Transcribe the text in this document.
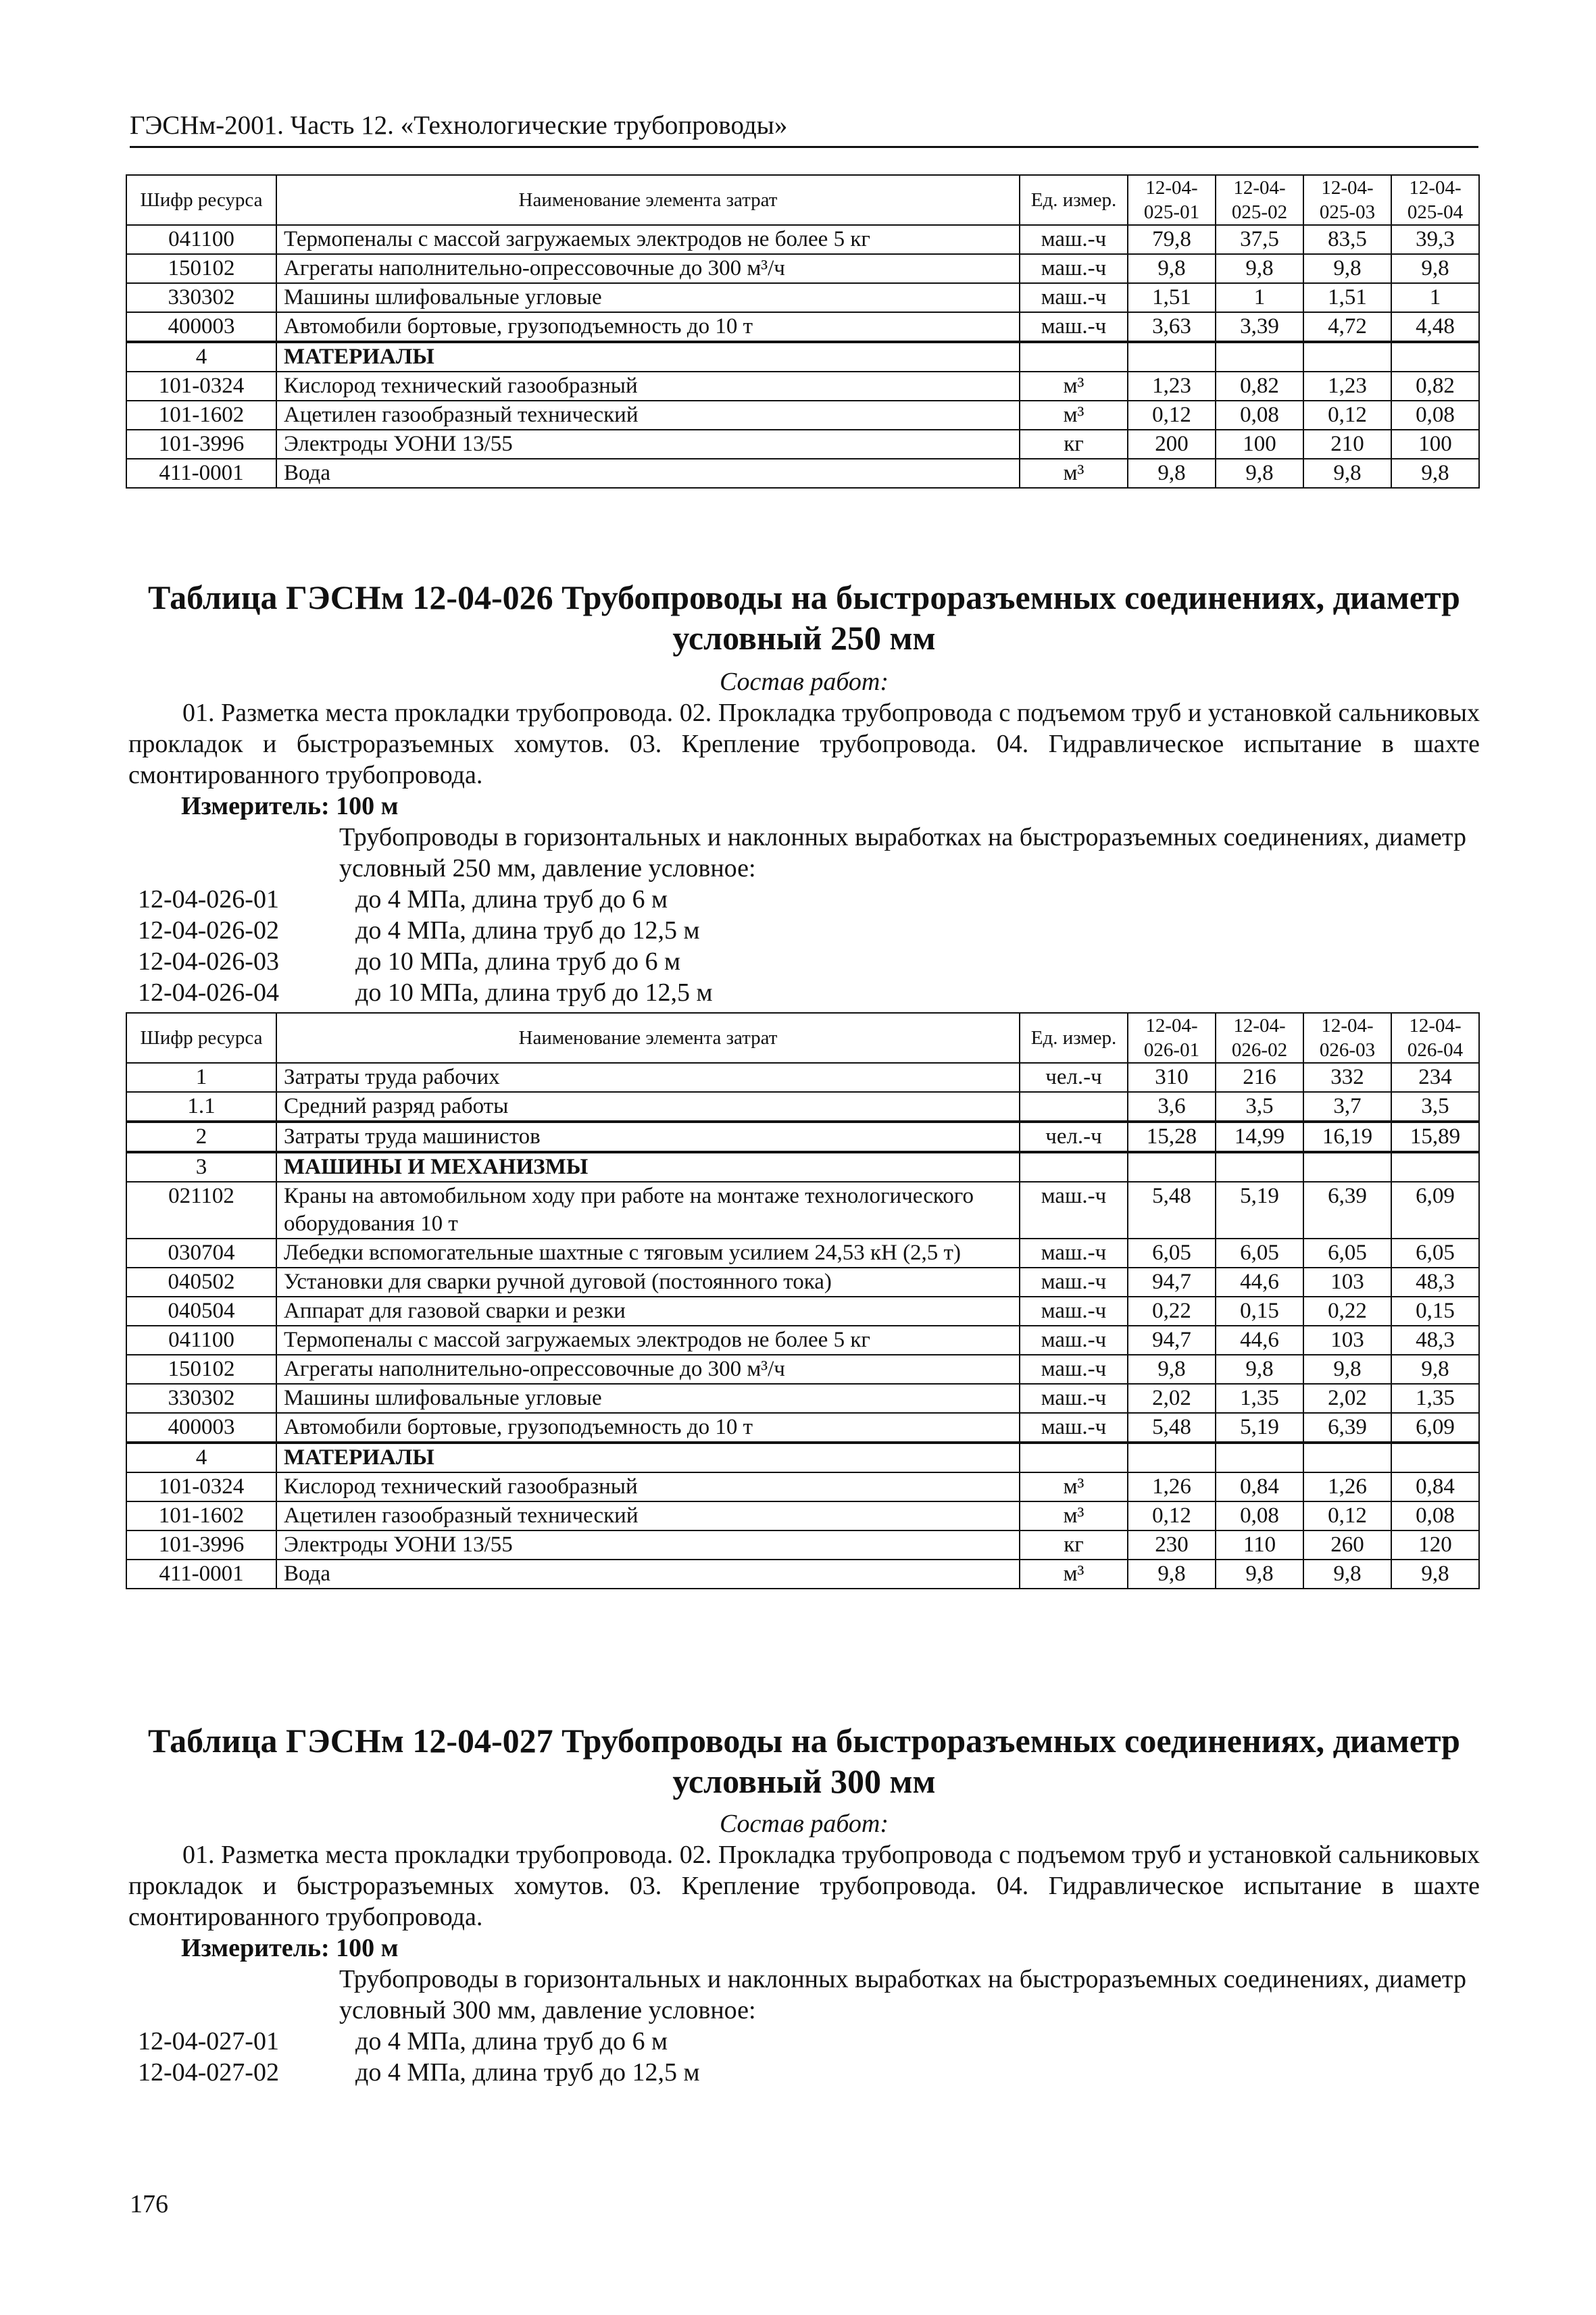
ГЭСНм-2001. Часть 12. «Технологические трубопроводы»
Шифр ресурса	Наименование элемента затрат	Ед. измер.	12-04-025-01	12-04-025-02	12-04-025-03	12-04-025-04
041100	Термопеналы с массой загружаемых электродов не более 5 кг	маш.-ч	79,8	37,5	83,5	39,3
150102	Агрегаты наполнительно-опрессовочные до 300 м³/ч	маш.-ч	9,8	9,8	9,8	9,8
330302	Машины шлифовальные угловые	маш.-ч	1,51	1	1,51	1
400003	Автомобили бортовые, грузоподъемность до 10 т	маш.-ч	3,63	3,39	4,72	4,48
4	МАТЕРИАЛЫ					
101-0324	Кислород технический газообразный	м³	1,23	0,82	1,23	0,82
101-1602	Ацетилен газообразный технический	м³	0,12	0,08	0,12	0,08
101-3996	Электроды УОНИ 13/55	кг	200	100	210	100
411-0001	Вода	м³	9,8	9,8	9,8	9,8
Таблица ГЭСНм 12-04-026 Трубопроводы на быстроразъемных соединениях, диаметр
условный 250 мм
Состав работ:
01. Разметка места прокладки трубопровода. 02. Прокладка трубопровода с подъемом труб и установкой сальниковых прокладок и быстроразъемных хомутов. 03. Крепление трубопровода. 04. Гидравлическое испытание в шахте смонтированного трубопровода.
Измеритель: 100 м
Трубопроводы в горизонтальных и наклонных выработках на быстроразъемных соединениях, диаметр условный 250 мм, давление условное:
12-04-026-01	до 4 МПа, длина труб до 6 м
12-04-026-02	до 4 МПа, длина труб до 12,5 м
12-04-026-03	до 10 МПа, длина труб до 6 м
12-04-026-04	до 10 МПа, длина труб до 12,5 м
Шифр ресурса	Наименование элемента затрат	Ед. измер.	12-04-026-01	12-04-026-02	12-04-026-03	12-04-026-04
1	Затраты труда рабочих	чел.-ч	310	216	332	234
1.1	Средний разряд работы		3,6	3,5	3,7	3,5
2	Затраты труда машинистов	чел.-ч	15,28	14,99	16,19	15,89
3	МАШИНЫ И МЕХАНИЗМЫ					
021102	Краны на автомобильном ходу при работе на монтаже технологического оборудования 10 т	маш.-ч	5,48	5,19	6,39	6,09
030704	Лебедки вспомогательные шахтные с тяговым усилием 24,53 кН (2,5 т)	маш.-ч	6,05	6,05	6,05	6,05
040502	Установки для сварки ручной дуговой (постоянного тока)	маш.-ч	94,7	44,6	103	48,3
040504	Аппарат для газовой сварки и резки	маш.-ч	0,22	0,15	0,22	0,15
041100	Термопеналы с массой загружаемых электродов не более 5 кг	маш.-ч	94,7	44,6	103	48,3
150102	Агрегаты наполнительно-опрессовочные до 300 м³/ч	маш.-ч	9,8	9,8	9,8	9,8
330302	Машины шлифовальные угловые	маш.-ч	2,02	1,35	2,02	1,35
400003	Автомобили бортовые, грузоподъемность до 10 т	маш.-ч	5,48	5,19	6,39	6,09
4	МАТЕРИАЛЫ					
101-0324	Кислород технический газообразный	м³	1,26	0,84	1,26	0,84
101-1602	Ацетилен газообразный технический	м³	0,12	0,08	0,12	0,08
101-3996	Электроды УОНИ 13/55	кг	230	110	260	120
411-0001	Вода	м³	9,8	9,8	9,8	9,8
Таблица ГЭСНм 12-04-027 Трубопроводы на быстроразъемных соединениях, диаметр
условный 300 мм
Состав работ:
01. Разметка места прокладки трубопровода. 02. Прокладка трубопровода с подъемом труб и установкой сальниковых прокладок и быстроразъемных хомутов. 03. Крепление трубопровода. 04. Гидравлическое испытание в шахте смонтированного трубопровода.
Измеритель: 100 м
Трубопроводы в горизонтальных и наклонных выработках на быстроразъемных соединениях, диаметр условный 300 мм, давление условное:
12-04-027-01	до 4 МПа, длина труб до 6 м
12-04-027-02	до 4 МПа, длина труб до 12,5 м
176
